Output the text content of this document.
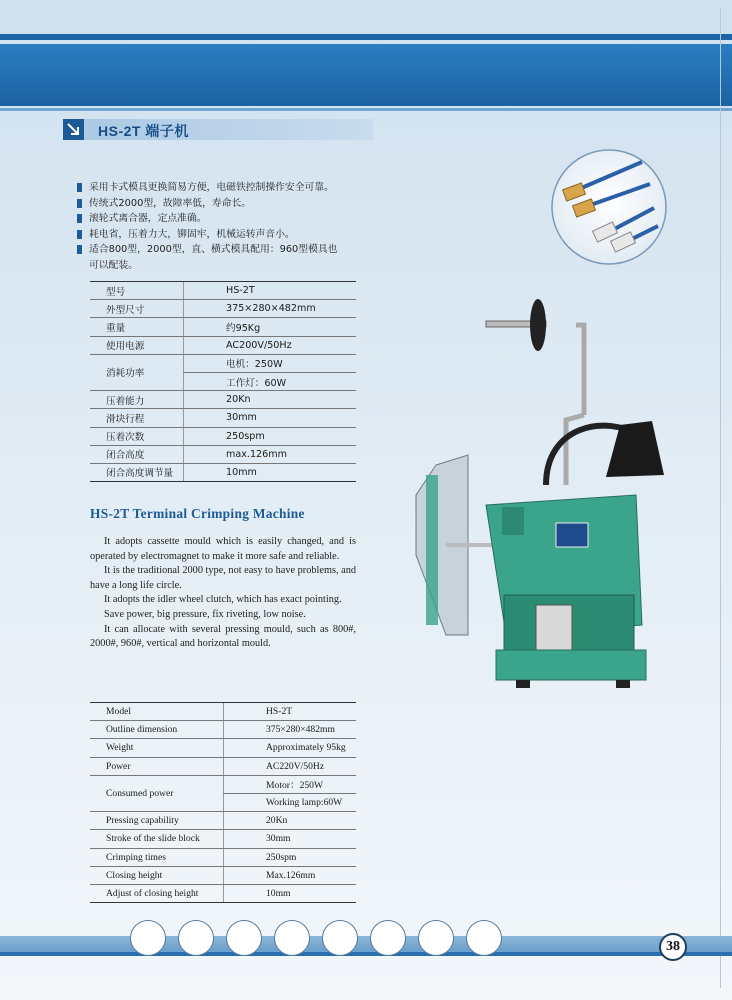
HS-2T 端子机
采用卡式模具更换简易方便，电磁铁控制操作安全可靠。
传统式2000型，故障率低，寿命长。
滚轮式离合器，定点准确。
耗电省，压着力大，铆固牢，机械运转声音小。
适合800型，2000型，直、横式模具配用：960型模具也
可以配装。
型号	HS-2T
外型尺寸	375×280×482mm
重量	约95Kg
使用电源	AC200V/50Hz
消耗功率	电机：250W
	工作灯：60W
压着能力	20Kn
滑块行程	30mm
压着次数	250spm
闭合高度	max.126mm
闭合高度调节量	10mm
HS-2T Terminal Crimping Machine

It adopts cassette mould which is easily changed, and is operated by electromagnet to make it more safe and reliable.

It is the traditional 2000 type, not easy to have problems, and have a long life circle.

It adopts the idler wheel clutch, which has exact pointing.

Save power, big pressure, fix riveting, low noise.

It can allocate with several pressing mould, such as 800#, 2000#, 960#, vertical and horizontal mould.

Model	HS-2T
Outline dimension	375×280×482mm
Weight	Approximately 95kg
Power	AC220V/50Hz
Consumed power	Motor：250W
	Working lamp:60W
Pressing capability	20Kn
Stroke of the slide block	30mm
Crimping times	250spm
Closing height	Max.126mm
Adjust of closing height	10mm
38
